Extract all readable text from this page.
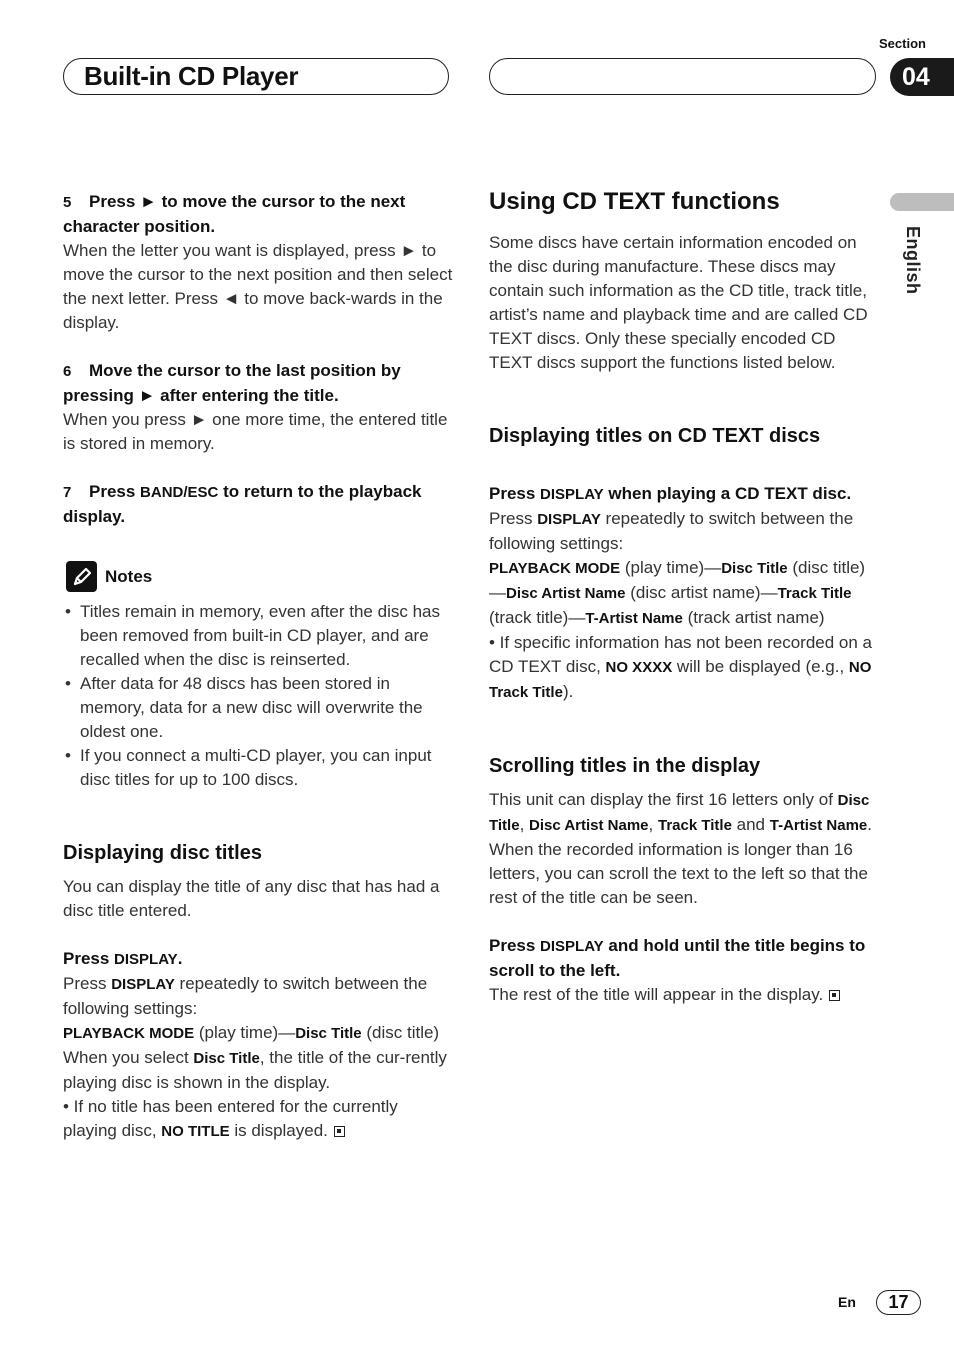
Section
Built-in CD Player	04
English

5 Press ► to move the cursor to the next character position.

When the letter you want is displayed, press ► to move the cursor to the next position and then select the next letter. Press ◄ to move back-wards in the display.

6 Move the cursor to the last position by pressing ► after entering the title.

When you press ► one more time, the entered title is stored in memory.

7 Press BAND/ESC to return to the playback display.

Notes
• Titles remain in memory, even after the disc has been removed from built-in CD player, and are recalled when the disc is reinserted.
• After data for 48 discs has been stored in memory, data for a new disc will overwrite the oldest one.
• If you connect a multi-CD player, you can input disc titles for up to 100 discs.
Displaying disc titles

You can display the title of any disc that has had a disc title entered.

Press DISPLAY.

Press DISPLAY repeatedly to switch between the following settings:

PLAYBACK MODE (play time)—Disc Title (disc title)

When you select Disc Title, the title of the cur-rently playing disc is shown in the display.

• If no title has been entered for the currently playing disc, NO TITLE is displayed.

Using CD TEXT functions

Some discs have certain information encoded on the disc during manufacture. These discs may contain such information as the CD title, track title, artist’s name and playback time and are called CD TEXT discs. Only these specially encoded CD TEXT discs support the functions listed below.

Displaying titles on CD TEXT discs

Press DISPLAY when playing a CD TEXT disc.

Press DISPLAY repeatedly to switch between the following settings:

PLAYBACK MODE (play time)—Disc Title (disc title)—Disc Artist Name (disc artist name)—Track Title (track title)—T-Artist Name (track artist name)

• If specific information has not been recorded on a CD TEXT disc, NO XXXX will be displayed (e.g., NO Track Title).

Scrolling titles in the display

This unit can display the first 16 letters only of Disc Title, Disc Artist Name, Track Title and T-Artist Name. When the recorded information is longer than 16 letters, you can scroll the text to the left so that the rest of the title can be seen.

Press DISPLAY and hold until the title begins to scroll to the left.

The rest of the title will appear in the display.

En	17
